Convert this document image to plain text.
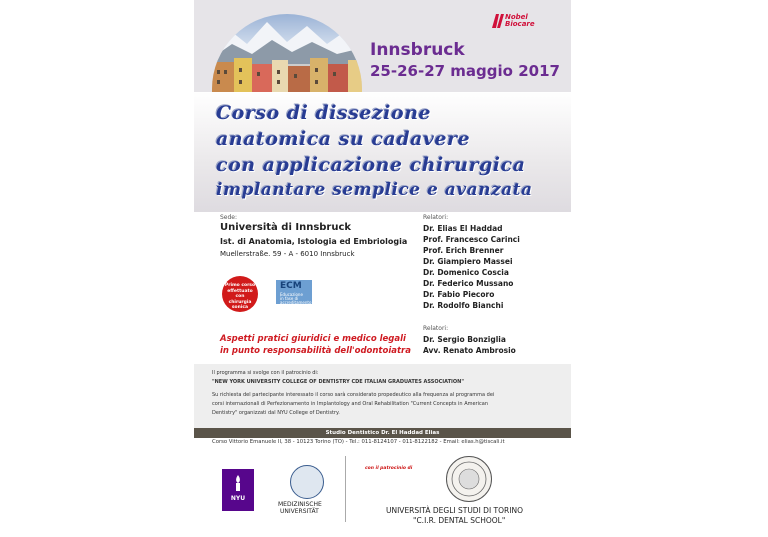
Innsbruck
25-26-27 maggio 2017
Nobel
Biocare
Corso di dissezione
anatomica su cadavere
con applicazione chirurgica
implantare semplice e avanzata
Sede:
Università di Innsbruck
Ist. di Anatomia, Istologia ed Embriologia
Muellerstraße. 59 - A - 6010 Innsbruck
Primo corso
effettuato con
chirurgia
sonica
ECM
Educazione
in fase di
accreditamento
Relatori:
Dr. Elias El Haddad
Prof. Francesco Carinci
Prof. Erich Brenner
Dr. Giampiero Massei
Dr. Domenico Coscia
Dr. Federico Mussano
Dr. Fabio Piecoro
Dr. Rodolfo Bianchi
Aspetti pratici giuridici e medico legali
in punto responsabilità dell'odontoiatra
Relatori:
Dr. Sergio Bonziglia
Avv. Renato Ambrosio
Il programma si svolge con il patrocinio di:
"NEW YORK UNIVERSITY COLLEGE OF DENTISTRY CDE ITALIAN GRADUATES ASSOCIATION"
Su richiesta del partecipante interessato il corso sarà considerato propedeutico alla frequenza al programma dei
corsi internazionali di Perfezionamento in Implantology and Oral Rehabilitation "Current Concepts in American
Dentistry" organizzati dal NYU College of Dentistry.
Studio Dentistico Dr. El Haddad Elias
Corso Vittorio Emanuele II, 38 - 10123 Torino (TO) - Tel.: 011-8124107 - 011-8122182 - Email: elias.h@tiscali.it
NYU
MEDIZINISCHE
UNIVERSITÄT
con il patrocinio di
UNIVERSITÀ DEGLI STUDI DI TORINO
"C.I.R. DENTAL SCHOOL"
